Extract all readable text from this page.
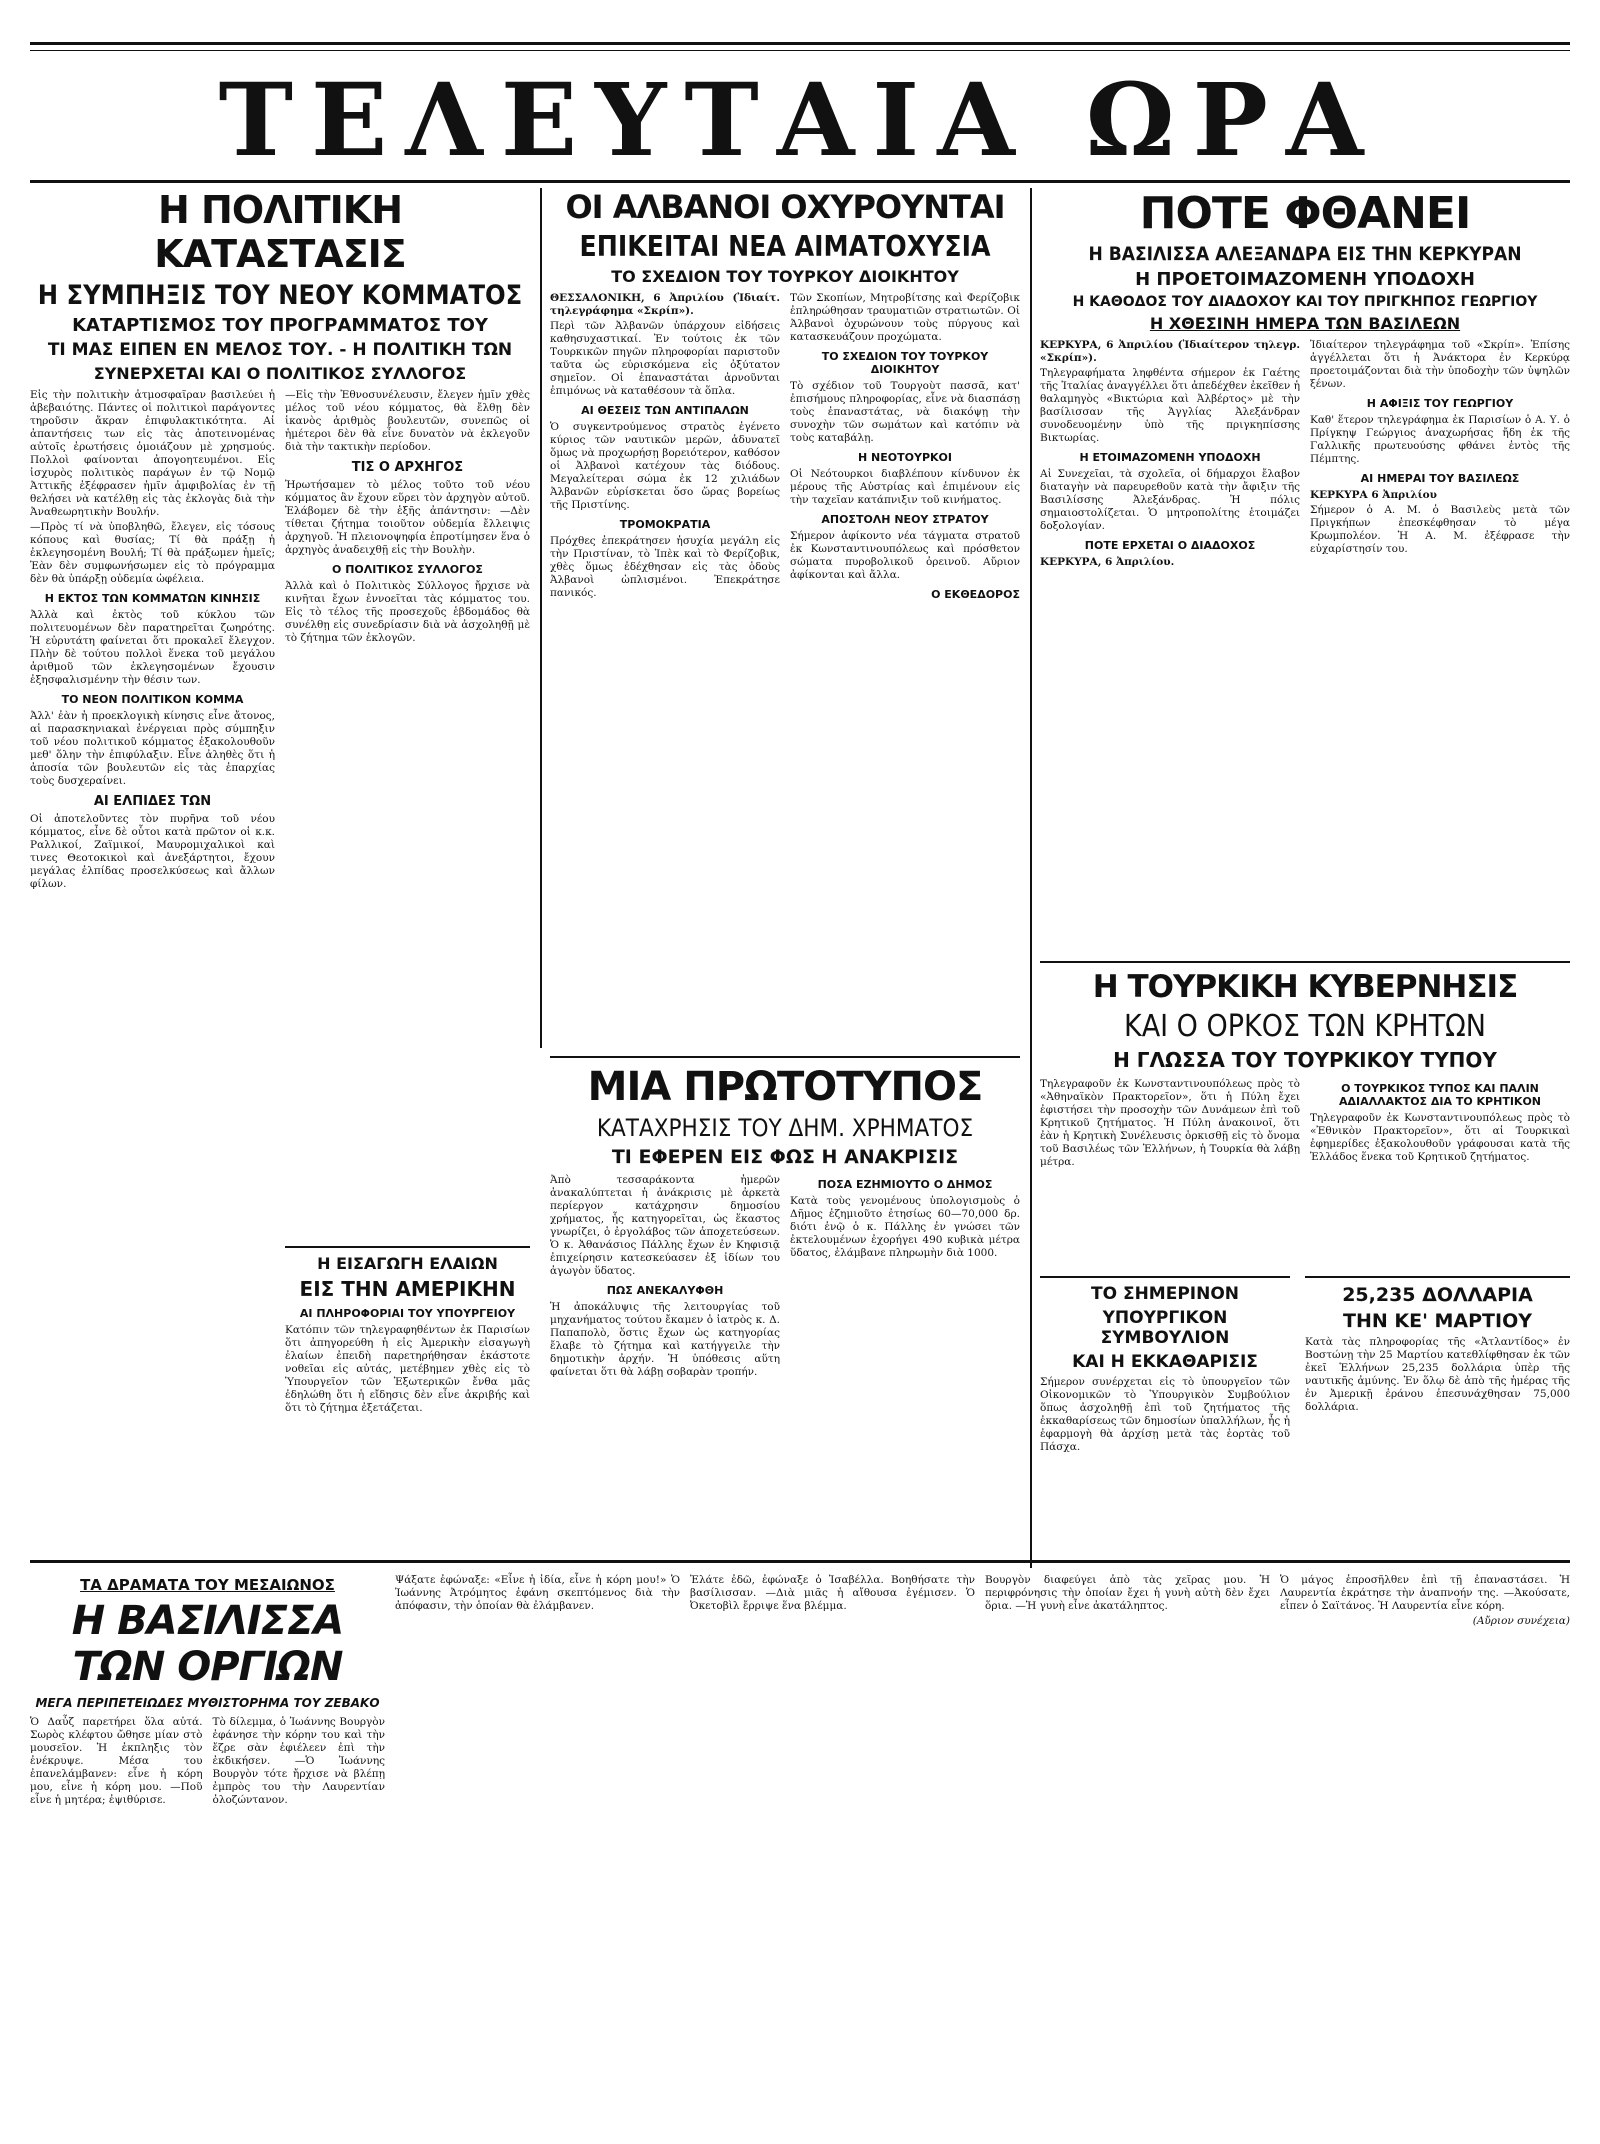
ΤΕΛΕΥΤΑΙΑ ΩΡΑ
Η ΠΟΛΙΤΙΚΗ ΚΑΤΑΣΤΑΣΙΣ
Η ΣΥΜΠΗΞΙΣ ΤΟΥ ΝΕΟΥ ΚΟΜΜΑΤΟΣ
ΚΑΤΑΡΤΙΣΜΟΣ ΤΟΥ ΠΡΟΓΡΑΜΜΑΤΟΣ ΤΟΥ
ΤΙ ΜΑΣ ΕΙΠΕΝ ΕΝ ΜΕΛΟΣ ΤΟΥ. - Η ΠΟΛΙΤΙΚΗ ΤΩΝ
ΣΥΝΕΡΧΕΤΑΙ ΚΑΙ Ο ΠΟΛΙΤΙΚΟΣ ΣΥΛΛΟΓΟΣ

Εἰς τὴν πολιτικὴν ἀτμοσφαῖραν βασιλεύει ἡ ἀβεβαιότης. Πάντες οἱ πολιτικοὶ παράγοντες τηροῦσιν ἄκραν ἐπιφυλακτικότητα. Αἱ ἀπαντήσεις των εἰς τὰς ἀποτεινομένας αὐτοῖς ἐρωτήσεις ὁμοιάζουν μὲ χρησμούς. Πολλοὶ φαίνονται ἀπογοητευμένοι. Εἰς ἰσχυρὸς πολιτικὸς παράγων ἐν τῷ Νομῷ Ἀττικῆς ἐξέφρασεν ἡμῖν ἀμφιβολίας ἐν τῇ θελήσει νὰ κατέλθῃ εἰς τὰς ἐκλογὰς διὰ τὴν Ἀναθεωρητικὴν Βουλήν.

—Πρὸς τί νὰ ὑποβληθῶ, ἔλεγεν, εἰς τόσους κόπους καὶ θυσίας; Τί θὰ πράξῃ ἡ ἐκλεγησομένη Βουλή; Τί θὰ πράξωμεν ἡμεῖς; Ἐὰν δὲν συμφωνήσωμεν εἰς τὸ πρόγραμμα δὲν θὰ ὑπάρξῃ οὐδεμία ὠφέλεια.

Η ΕΚΤΟΣ ΤΩΝ ΚΟΜΜΑΤΩΝ ΚΙΝΗΣΙΣ

Ἀλλὰ καὶ ἐκτὸς τοῦ κύκλου τῶν πολιτευομένων δὲν παρατηρεῖται ζωηρότης. Ἡ εὐρυτάτη φαίνεται ὅτι προκαλεῖ ἔλεγχον. Πλὴν δὲ τούτου πολλοὶ ἕνεκα τοῦ μεγάλου ἀριθμοῦ τῶν ἐκλεγησομένων ἔχουσιν ἐξησφαλισμένην τὴν θέσιν των.

ΤΟ ΝΕΟΝ ΠΟΛΙΤΙΚΟΝ ΚΟΜΜΑ

Ἀλλ' ἐὰν ἡ προεκλογικὴ κίνησις εἶνε ἄτονος, αἱ παρασκηνιακαὶ ἐνέργειαι πρὸς σύμπηξιν τοῦ νέου πολιτικοῦ κόμματος ἐξακολουθοῦν μεθ' ὅλην τὴν ἐπιφύλαξιν. Εἶνε ἀληθὲς ὅτι ἡ ἀποσία τῶν βουλευτῶν εἰς τὰς ἐπαρχίας τοὺς δυσχεραίνει.

ΑΙ ΕΛΠΙΔΕΣ ΤΩΝ

Οἱ ἀποτελοῦντες τὸν πυρῆνα τοῦ νέου κόμματος, εἶνε δὲ οὗτοι κατὰ πρῶτον οἱ κ.κ. Ραλλικοί, Ζαϊμικοί, Μαυρομιχαλικοὶ καὶ τινες Θεοτοκικοὶ καὶ ἀνεξάρτητοι, ἔχουν μεγάλας ἐλπίδας προσελκύσεως καὶ ἄλλων φίλων.

—Εἰς τὴν Ἐθνοσυνέλευσιν, ἔλεγεν ἡμῖν χθὲς μέλος τοῦ νέου κόμματος, θὰ ἔλθῃ δὲν ἱκανὸς ἀριθμὸς βουλευτῶν, συνεπῶς οἱ ἡμέτεροι δὲν θὰ εἶνε δυνατὸν νὰ ἐκλεγοῦν διὰ τὴν τακτικὴν περίοδον.

ΤΙΣ Ο ΑΡΧΗΓΟΣ

Ἠρωτήσαμεν τὸ μέλος τοῦτο τοῦ νέου κόμματος ἂν ἔχουν εὕρει τὸν ἀρχηγὸν αὐτοῦ. Ἐλάβομεν δὲ τὴν ἑξῆς ἀπάντησιν: —Δὲν τίθεται ζήτημα τοιοῦτον οὐδεμία ἔλλειψις ἀρχηγοῦ. Ἡ πλειονοψηφία ἐπροτίμησεν ἕνα ὁ ἀρχηγὸς ἀναδειχθῇ εἰς τὴν Βουλὴν.

Ο ΠΟΛΙΤΙΚΟΣ ΣΥΛΛΟΓΟΣ

Ἀλλὰ καὶ ὁ Πολιτικὸς Σύλλογος ἤρχισε νὰ κινῆται ἔχων ἐννοεῖται τὰς κόμματος του. Εἰς τὸ τέλος τῆς προσεχοῦς ἑβδομάδος θὰ συνέλθῃ εἰς συνεδρίασιν διὰ νὰ ἀσχοληθῇ μὲ τὸ ζήτημα τῶν ἐκλογῶν.

Η ΕΙΣΑΓΩΓΗ ΕΛΑΙΩΝ
ΕΙΣ ΤΗΝ ΑΜΕΡΙΚΗΝ
ΑΙ ΠΛΗΡΟΦΟΡΙΑΙ ΤΟΥ ΥΠΟΥΡΓΕΙΟΥ

Κατόπιν τῶν τηλεγραφηθέντων ἐκ Παρισίων ὅτι ἀπηγορεύθη ἡ εἰς Ἀμερικὴν εἰσαγωγὴ ἐλαίων ἐπειδὴ παρετηρήθησαν ἐκάστοτε νοθεῖαι εἰς αὐτάς, μετέβημεν χθὲς εἰς τὸ Ὑπουργεῖον τῶν Ἐξωτερικῶν ἔνθα μᾶς ἐδηλώθη ὅτι ἡ εἴδησις δὲν εἶνε ἀκριβής καὶ ὅτι τὸ ζήτημα ἐξετάζεται.

ΟΙ ΑΛΒΑΝΟΙ ΟΧΥΡΟΥΝΤΑΙ
ΕΠΙΚΕΙΤΑΙ ΝΕΑ ΑΙΜΑΤΟΧΥΣΙΑ
ΤΟ ΣΧΕΔΙΟΝ ΤΟΥ ΤΟΥΡΚΟΥ ΔΙΟΙΚΗΤΟΥ

ΘΕΣΣΑΛΟΝΙΚΗ, 6 Ἀπριλίου (Ἰδιαίτ. τηλεγράφημα «Σκρίπ»).

Περὶ τῶν Ἀλβανῶν ὑπάρχουν εἰδήσεις καθησυχαστικαί. Ἐν τούτοις ἐκ τῶν Τουρκικῶν πηγῶν πληροφορίαι παριστοῦν ταῦτα ὡς εὑρισκόμενα εἰς ὀξύτατον σημεῖον. Οἱ ἐπαναστάται ἀρνοῦνται ἐπιμόνως νὰ καταθέσουν τὰ ὅπλα.

ΑΙ ΘΕΣΕΙΣ ΤΩΝ ΑΝΤΙΠΑΛΩΝ

Ὁ συγκεντρούμενος στρατὸς ἐγένετο κύριος τῶν ναυτικῶν μερῶν, ἀδυνατεῖ ὅμως νὰ προχωρήσῃ βορειότερον, καθόσον οἱ Ἀλβανοὶ κατέχουν τὰς διόδους. Μεγαλείτεραι σώμα ἐκ 12 χιλιάδων Ἀλβανῶν εὑρίσκεται ὅσο ὥρας βορείως τῆς Πριστίνης.

ΤΡΟΜΟΚΡΑΤΙΑ

Πρόχθες ἐπεκράτησεν ἡσυχία μεγάλη εἰς τὴν Πριστίναν, τὸ Ἰπὲκ καὶ τὸ Φερίζοβικ, χθὲς ὅμως ἐδέχθησαν εἰς τὰς ὁδοὺς Ἀλβανοὶ ὡπλισμένοι. Ἐπεκράτησε πανικός.

Τῶν Σκοπίων, Μητροβίτσης καὶ Φερίζοβικ ἐπληρώθησαν τραυματιῶν στρατιωτῶν. Οἱ Ἀλβανοὶ ὀχυρώνουν τοὺς πύργους καὶ κατασκευάζουν προχώματα.

ΤΟ ΣΧΕΔΙΟΝ ΤΟΥ ΤΟΥΡΚΟΥ ΔΙΟΙΚΗΤΟΥ

Τὸ σχέδιον τοῦ Τουργοὺτ πασσᾶ, κατ' ἐπισήμους πληροφορίας, εἶνε νὰ διασπάσῃ τοὺς ἐπαναστάτας, νὰ διακόψῃ τὴν συνοχὴν τῶν σωμάτων καὶ κατόπιν νὰ τοὺς καταβάλῃ.

Η ΝΕΟΤΟΥΡΚΟΙ

Οἱ Νεότουρκοι διαβλέπουν κίνδυνον ἐκ μέρους τῆς Αὐστρίας καὶ ἐπιμένουν εἰς τὴν ταχεῖαν κατάπνιξιν τοῦ κινήματος.

ΑΠΟΣΤΟΛΗ ΝΕΟΥ ΣΤΡΑΤΟΥ

Σήμερον ἀφίκοντο νέα τάγματα στρατοῦ ἐκ Κωνσταντινουπόλεως καὶ πρόσθετον σώματα πυροβολικοῦ ὀρεινοῦ. Αὔριον ἀφίκονται καὶ ἄλλα.

Ο ΕΚΘΕΔΟΡΟΣ
ΜΙΑ ΠΡΩΤΟΤΥΠΟΣ
ΚΑΤΑΧΡΗΣΙΣ ΤΟΥ ΔΗΜ. ΧΡΗΜΑΤΟΣ
ΤΙ ΕΦΕΡΕΝ ΕΙΣ ΦΩΣ Η ΑΝΑΚΡΙΣΙΣ

Ἀπὸ τεσσαράκοντα ἡμερῶν ἀνακαλύπτεται ἡ ἀνάκρισις μὲ ἀρκετὰ περίεργον κατάχρησιν δημοσίου χρήματος, ἧς κατηγορεῖται, ὡς ἕκαστος γνωρίζει, ὁ ἐργολάβος τῶν ἀποχετεύσεων. Ὁ κ. Ἀθανάσιος Πάλλης ἔχων ἐν Κηφισιᾷ ἐπιχείρησιν κατεσκεύασεν ἐξ ἰδίων του ἀγωγὸν ὕδατος.

ΠΩΣ ΑΝΕΚΑΛΥΦΘΗ

Ἡ ἀποκάλυψις τῆς λειτουργίας τοῦ μηχανήματος τούτου ἔκαμεν ὁ ἰατρὸς κ. Δ. Παπαπολὸ, ὅστις ἔχων ὡς κατηγορίας ἔλαβε τὸ ζήτημα καὶ κατήγγειλε τὴν δημοτικὴν ἀρχήν. Ἡ ὑπόθεσις αὕτη φαίνεται ὅτι θὰ λάβῃ σοβαρὰν τροπήν.

ΠΟΣΑ ΕΖΗΜΙΟΥΤΟ Ο ΔΗΜΟΣ

Κατὰ τοὺς γενομένους ὑπολογισμοὺς ὁ Δῆμος ἐζημιοῦτο ἐτησίως 60—70,000 δρ. διότι ἐνῷ ὁ κ. Πάλλης ἐν γνώσει τῶν ἐκτελουμένων ἐχορήγει 490 κυβικὰ μέτρα ὕδατος, ἐλάμβανε πληρωμὴν διὰ 1000.

ΠΟΤΕ ΦΘΑΝΕΙ
Η ΒΑΣΙΛΙΣΣΑ ΑΛΕΞΑΝΔΡΑ ΕΙΣ ΤΗΝ ΚΕΡΚΥΡΑΝ
Η ΠΡΟΕΤΟΙΜΑΖΟΜΕΝΗ ΥΠΟΔΟΧΗ
Η ΚΑΘΟΔΟΣ ΤΟΥ ΔΙΑΔΟΧΟΥ ΚΑΙ ΤΟΥ ΠΡΙΓΚΗΠΟΣ ΓΕΩΡΓΙΟΥ
Η ΧΘΕΣΙΝΗ ΗΜΕΡΑ ΤΩΝ ΒΑΣΙΛΕΩΝ

ΚΕΡΚΥΡΑ, 6 Ἀπριλίου (Ἰδιαίτερον τηλεγρ. «Σκρίπ»).

Τηλεγραφήματα ληφθέντα σήμερον ἐκ Γαέτης τῆς Ἰταλίας ἀναγγέλλει ὅτι ἀπεδέχθεν ἐκεῖθεν ἡ θαλαμηγὸς «Βικτώρια καὶ Ἀλβέρτος» μὲ τὴν βασίλισσαν τῆς Ἀγγλίας Ἀλεξάνδραν συνοδευομένην ὑπὸ τῆς πριγκηπίσσης Βικτωρίας.

Η ΕΤΟΙΜΑΖΟΜΕΝΗ ΥΠΟΔΟΧΗ

Αἱ Συνεχεῖαι, τὰ σχολεῖα, οἱ δήμαρχοι ἔλαβον διαταγὴν νὰ παρευρεθοῦν κατὰ τὴν ἄφιξιν τῆς Βασιλίσσης Ἀλεξάνδρας. Ἡ πόλις σημαιοστολίζεται. Ὁ μητροπολίτης ἑτοιμάζει δοξολογίαν.

ΠΟΤΕ ΕΡΧΕΤΑΙ Ο ΔΙΑΔΟΧΟΣ

ΚΕΡΚΥΡΑ, 6 Ἀπριλίου.

Ἰδιαίτερον τηλεγράφημα τοῦ «Σκρίπ». Ἐπίσης ἀγγέλλεται ὅτι ἡ Ἀνάκτορα ἐν Κερκύρᾳ προετοιμάζονται διὰ τὴν ὑποδοχὴν τῶν ὑψηλῶν ξένων.

Η ΑΦΙΞΙΣ ΤΟΥ ΓΕΩΡΓΙΟΥ

Καθ' ἕτερον τηλεγράφημα ἐκ Παρισίων ὁ Α. Υ. ὁ Πρίγκηψ Γεώργιος ἀναχωρήσας ἤδη ἐκ τῆς Γαλλικῆς πρωτευούσης φθάνει ἐντὸς τῆς Πέμπτης.

ΑΙ ΗΜΕΡΑΙ ΤΟΥ ΒΑΣΙΛΕΩΣ

ΚΕΡΚΥΡΑ 6 Ἀπριλίου

Σήμερον ὁ Α. Μ. ὁ Βασιλεὺς μετὰ τῶν Πριγκήπων ἐπεσκέφθησαν τὸ μέγα Κρωμπολέον. Ἡ Α. Μ. ἐξέφρασε τὴν εὐχαρίστησίν του.

Η ΤΟΥΡΚΙΚΗ ΚΥΒΕΡΝΗΣΙΣ
ΚΑΙ Ο ΟΡΚΟΣ ΤΩΝ ΚΡΗΤΩΝ
Η ΓΛΩΣΣΑ ΤΟΥ ΤΟΥΡΚΙΚΟΥ ΤΥΠΟΥ

Τηλεγραφοῦν ἐκ Κωνσταντινουπόλεως πρὸς τὸ «Ἀθηναϊκὸν Πρακτορεῖον», ὅτι ἡ Πύλη ἔχει ἐφιστήσει τὴν προσοχὴν τῶν Δυνάμεων ἐπὶ τοῦ Κρητικοῦ ζητήματος. Ἡ Πύλη ἀνακοινοῖ, ὅτι ἐὰν ἡ Κρητικὴ Συνέλευσις ὁρκισθῇ εἰς τὸ ὄνομα τοῦ Βασιλέως τῶν Ἑλλήνων, ἡ Τουρκία θὰ λάβῃ μέτρα.

Ο ΤΟΥΡΚΙΚΟΣ ΤΥΠΟΣ ΚΑΙ ΠΑΛΙΝ ΑΔΙΑΛΛΑΚΤΟΣ ΔΙΑ ΤΟ ΚΡΗΤΙΚΟΝ

Τηλεγραφοῦν ἐκ Κωνσταντινουπόλεως πρὸς τὸ «Ἐθνικὸν Πρακτορεῖον», ὅτι αἱ Τουρκικαὶ ἐφημερίδες ἐξακολουθοῦν γράφουσαι κατὰ τῆς Ἑλλάδος ἕνεκα τοῦ Κρητικοῦ ζητήματος.

ΤΟ ΣΗΜΕΡΙΝΟΝ
ΥΠΟΥΡΓΙΚΟΝ ΣΥΜΒΟΥΛΙΟΝ
ΚΑΙ Η ΕΚΚΑΘΑΡΙΣΙΣ

Σήμερον συνέρχεται εἰς τὸ ὑπουργεῖον τῶν Οἰκονομικῶν τὸ Ὑπουργικὸν Συμβούλιον ὅπως ἀσχοληθῇ ἐπὶ τοῦ ζητήματος τῆς ἐκκαθαρίσεως τῶν δημοσίων ὑπαλλήλων, ἧς ἡ ἐφαρμογὴ θὰ ἀρχίσῃ μετὰ τὰς ἑορτὰς τοῦ Πάσχα.

25,235 ΔΟΛΛΑΡΙΑ
ΤΗΝ ΚΕ' ΜΑΡΤΙΟΥ

Κατὰ τὰς πληροφορίας τῆς «Ἀτλαντίδος» ἐν Βοστώνῃ τὴν 25 Μαρτίου κατεθλίφθησαν ἐκ τῶν ἐκεῖ Ἑλλήνων 25,235 δολλάρια ὑπὲρ τῆς ναυτικῆς ἀμύνης. Ἐν ὅλῳ δὲ ἀπὸ τῆς ἡμέρας τῆς ἐν Ἀμερικῇ ἐράνου ἐπεσυνάχθησαν 75,000 δολλάρια.

ΤΑ ΔΡΑΜΑΤΑ ΤΟΥ ΜΕΣΑΙΩΝΟΣ
Η ΒΑΣΙΛΙΣΣΑ
ΤΩΝ ΟΡΓΙΩΝ
ΜΕΓΑ ΠΕΡΙΠΕΤΕΙΩΔΕΣ ΜΥΘΙΣΤΟΡΗΜΑ ΤΟΥ ΖΕΒΑΚΟ

Ὁ Δαὖζ παρετήρει ὅλα αὐτά. Σωρὸς κλέφτου ὤθησε μίαν στὸ μουσεῖον. Ἡ ἐκπληξις τὸν ἐνέκρυψε. Μέσα του ἐπανελάμβανεν: εἶνε ἡ κόρη μου, εἶνε ἡ κόρη μου. —Ποῦ εἶνε ἡ μητέρα; ἐψιθύρισε.

Τὸ δίλεμμα, ὁ Ἰωάννης Βουργὸν ἐφάνησε τὴν κόρην του καὶ τὴν ἔζρε σὰν ἐφιέλεεν ἐπὶ τὴν ἐκδικήσεν. —Ὁ Ἰωάννης Βουργὸν τότε ἤρχισε νὰ βλέπῃ ἐμπρὸς του τὴν Λαυρεντίαν ὁλοζώντανον.

Ψάξατε ἐφώναξε: «Εἶνε ἡ ἰδία, εἶνε ἡ κόρη μου!» Ὁ Ἰωάννης Ἀτρόμητος ἐφάνη σκεπτόμενος διὰ τὴν ἀπόφασιν, τὴν ὁποίαν θὰ ἐλάμβανεν.

Ἐλάτε ἐδῶ, ἐφώναξε ὁ Ἰσαβέλλα. Βοηθήσατε τὴν βασίλισσαν. —Διὰ μιᾶς ἡ αἴθουσα ἐγέμισεν. Ὁ Ὀκετοβὶλ ἔρριψε ἕνα βλέμμα.

Βουργὸν διαφεύγει ἀπὸ τὰς χεῖρας μου. Ἡ περιφρόνησις τὴν ὁποίαν ἔχει ἡ γυνὴ αὐτὴ δὲν ἔχει ὅρια. —Ἡ γυνὴ εἶνε ἀκατάληπτος.

Ὁ μάγος ἐπροσῆλθεν ἐπὶ τῇ ἐπαναστάσει. Ἡ Λαυρεντία ἐκράτησε τὴν ἀναπνοήν της. —Ἀκούσατε, εἶπεν ὁ Σαϊτάνος. Ἡ Λαυρεντία εἶνε κόρη.

(Αὔριον συνέχεια)
